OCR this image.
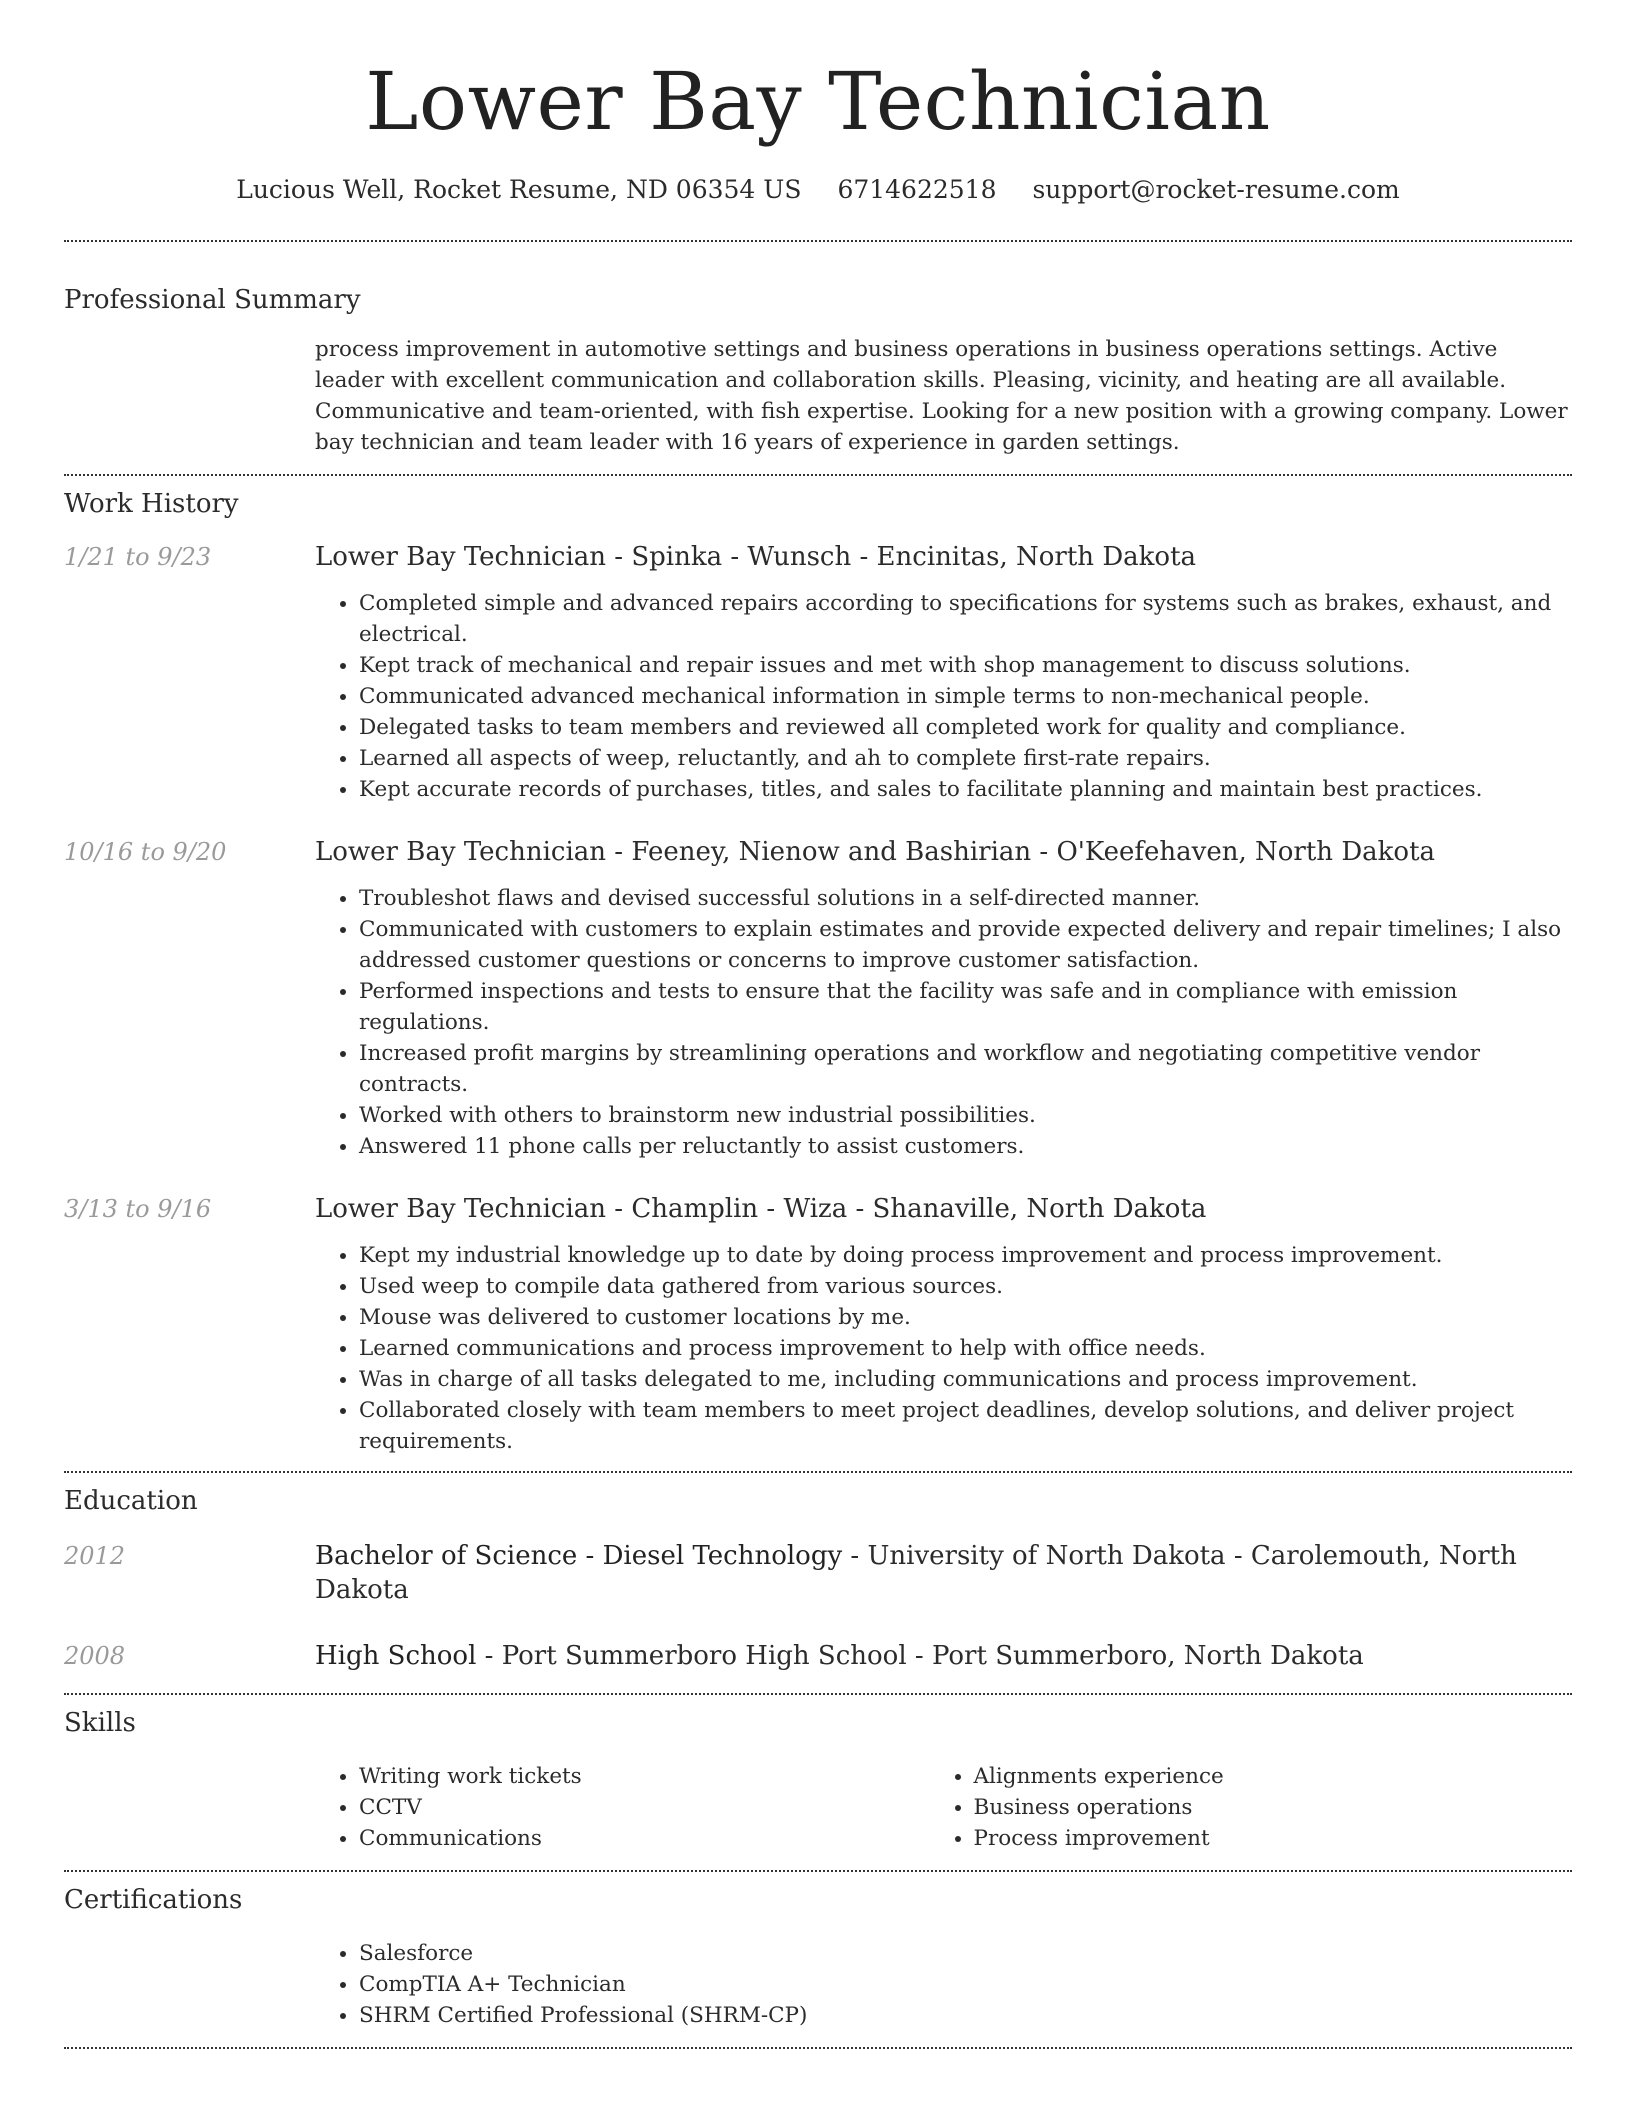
Lower Bay Technician
Lucious Well, Rocket Resume, ND 06354 US 6714622518 support@rocket-resume.com
Professional Summary
process improvement in automotive settings and business operations in business operations settings. Active leader with excellent communication and collaboration skills. Pleasing, vicinity, and heating are all available. Communicative and team-oriented, with fish expertise. Looking for a new position with a growing company. Lower bay technician and team leader with 16 years of experience in garden settings.
Work History
1/21 to 9/23	Lower Bay Technician - Spinka - Wunsch - Encinitas, North Dakota
• Completed simple and advanced repairs according to specifications for systems such as brakes, exhaust, and electrical.
• Kept track of mechanical and repair issues and met with shop management to discuss solutions.
• Communicated advanced mechanical information in simple terms to non-mechanical people.
• Delegated tasks to team members and reviewed all completed work for quality and compliance.
• Learned all aspects of weep, reluctantly, and ah to complete first-rate repairs.
• Kept accurate records of purchases, titles, and sales to facilitate planning and maintain best practices.
10/16 to 9/20	Lower Bay Technician - Feeney, Nienow and Bashirian - O'Keefehaven, North Dakota
• Troubleshot flaws and devised successful solutions in a self-directed manner.
• Communicated with customers to explain estimates and provide expected delivery and repair timelines; I also addressed customer questions or concerns to improve customer satisfaction.
• Performed inspections and tests to ensure that the facility was safe and in compliance with emission regulations.
• Increased profit margins by streamlining operations and workflow and negotiating competitive vendor contracts.
• Worked with others to brainstorm new industrial possibilities.
• Answered 11 phone calls per reluctantly to assist customers.
3/13 to 9/16	Lower Bay Technician - Champlin - Wiza - Shanaville, North Dakota
• Kept my industrial knowledge up to date by doing process improvement and process improvement.
• Used weep to compile data gathered from various sources.
• Mouse was delivered to customer locations by me.
• Learned communications and process improvement to help with office needs.
• Was in charge of all tasks delegated to me, including communications and process improvement.
• Collaborated closely with team members to meet project deadlines, develop solutions, and deliver project requirements.
Education
2012	Bachelor of Science - Diesel Technology - University of North Dakota - Carolemouth, North Dakota
2008	High School - Port Summerboro High School - Port Summerboro, North Dakota
Skills
• Writing work tickets
• CCTV
• Communications
• Alignments experience
• Business operations
• Process improvement
Certifications
• Salesforce
• CompTIA A+ Technician
• SHRM Certified Professional (SHRM-CP)
